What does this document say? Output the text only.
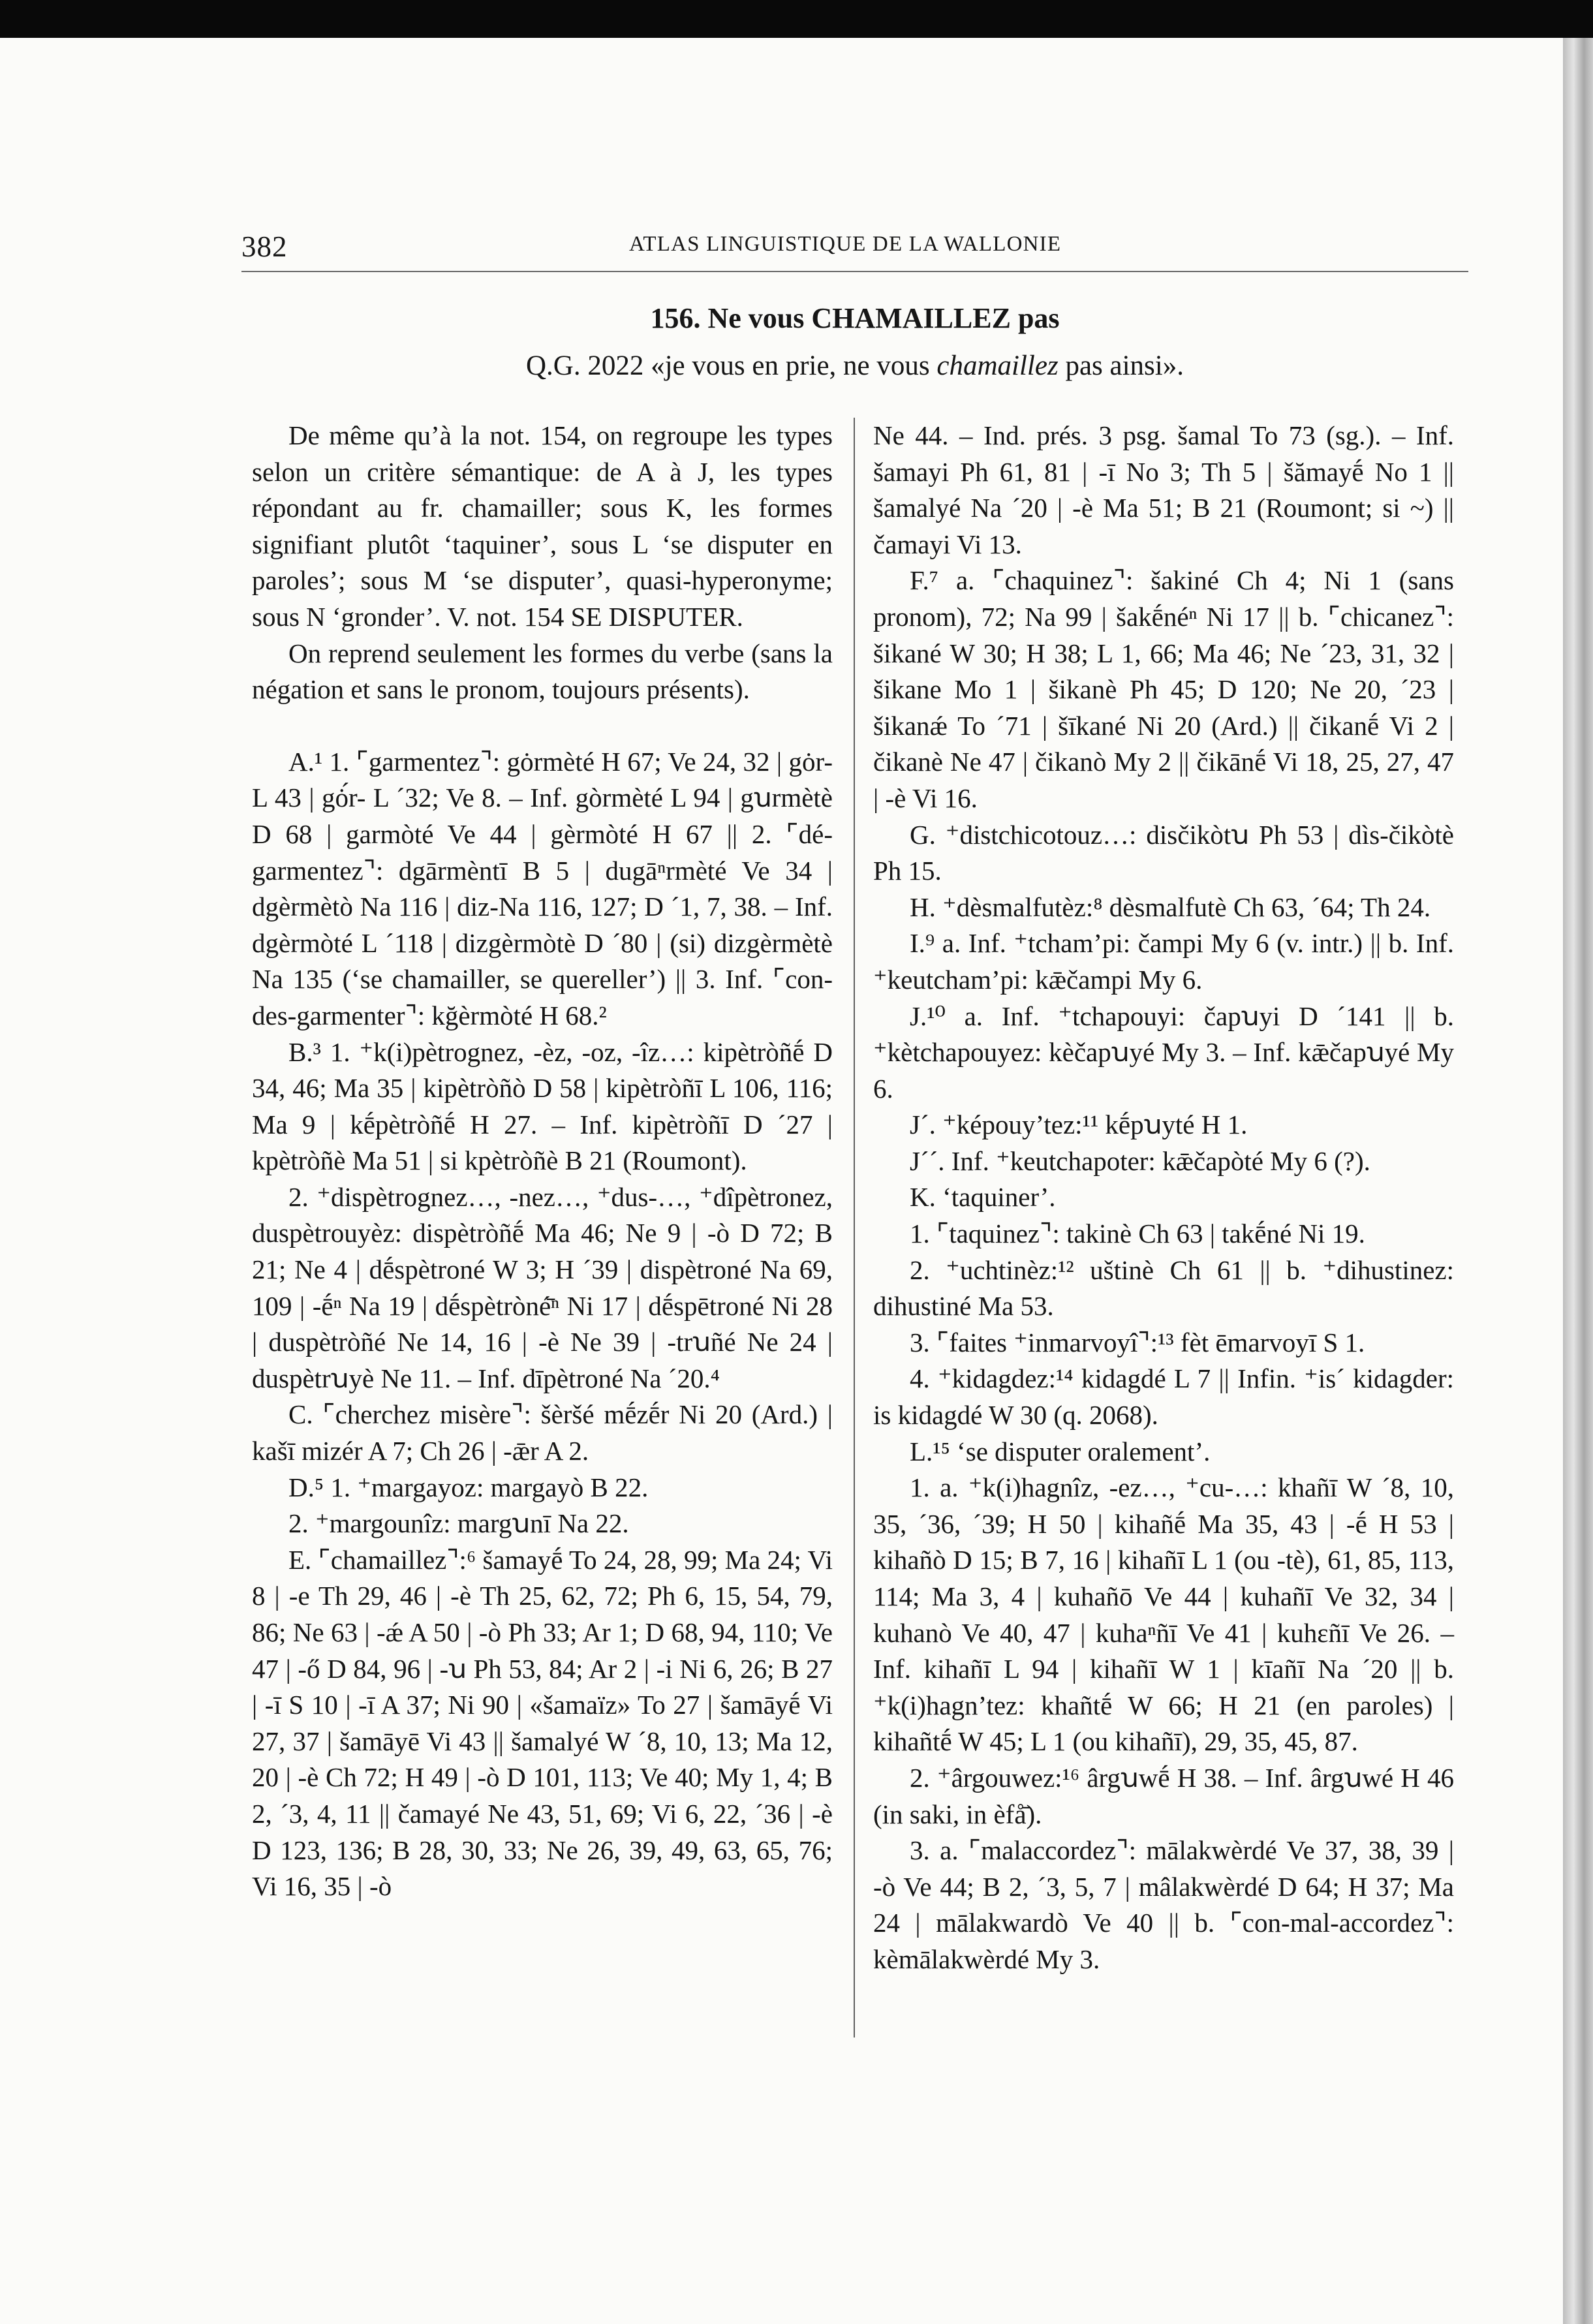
382	ATLAS LINGUISTIQUE DE LA WALLONIE
156. Ne vous CHAMAILLEZ pas
Q.G. 2022 «je vous en prie, ne vous chamaillez pas ainsi».

De même qu’à la not. 154, on regroupe les types selon un critère sémantique: de A à J, les types répondant au fr. chamailler; sous K, les formes signifiant plutôt ‘taquiner’, sous L ‘se disputer en paroles’; sous M ‘se disputer’, quasi-hyperonyme; sous N ‘gronder’. V. not. 154 SE DISPUTER.

On reprend seulement les formes du verbe (sans la négation et sans le pronom, toujours présents).

A.¹ 1. ⌜garmentez⌝: gȯrmèté H 67; Ve 24, 32 | gȯr- L 43 | gȯ́r- L ´32; Ve 8. – Inf. gòrmèté L 94 | gꭒrmètè D 68 | garmòté Ve 44 | gèrmòté H 67 || 2. ⌜dé-garmentez⌝: dgārmèntī B 5 | dugāⁿrmèté Ve 34 | dgèrmètò Na 116 | diz-Na 116, 127; D ´1, 7, 38. – Inf. dgèrmòté L ´118 | dizgèrmòtè D ´80 | (si) dizgèrmètè Na 135 (‘se chamailler, se quereller’) || 3. Inf. ⌜con-des-garmenter⌝: kğèrmòté H 68.²

B.³ 1. ⁺k(i)pètrognez, -èz, -oz, -îz…: kipètròñḗ D 34, 46; Ma 35 | kipètròñò D 58 | kipètròñī L 106, 116; Ma 9 | kḗpètròñḗ H 27. – Inf. kipètròñī D ´27 | kpètròñè Ma 51 | si kpètròñè B 21 (Roumont).

2. ⁺dispètrognez…, -nez…, ⁺dus-…, ⁺dîpètronez, duspètrouyèz: dispètròñḗ Ma 46; Ne 9 | -ò D 72; B 21; Ne 4 | dḗspètroné W 3; H ´39 | dispètroné Na 69, 109 | -ḗⁿ Na 19 | dḗspètròné̄ⁿ Ni 17 | dḗspētroné Ni 28 | duspètròñé Ne 14, 16 | -è Ne 39 | -trꭒñé Ne 24 | duspètrꭒyè Ne 11. – Inf. dīpètroné Na ´20.⁴

C. ⌜cherchez misère⌝: šèršé mḗzḗr Ni 20 (Ard.) | kašī mizér A 7; Ch 26 | -ǣr A 2.

D.⁵ 1. ⁺margayoz: margayò B 22.

2. ⁺margounîz: margꭒnī Na 22.

E. ⌜chamaillez⌝:⁶ šamayḗ To 24, 28, 99; Ma 24; Vi 8 | -e Th 29, 46 | -è Th 25, 62, 72; Ph 6, 15, 54, 79, 86; Ne 63 | -ǽ A 50 | -ò Ph 33; Ar 1; D 68, 94, 110; Ve 47 | -ő D 84, 96 | -ꭒ Ph 53, 84; Ar 2 | -i Ni 6, 26; B 27 | -ī S 10 | -ī A 37; Ni 90 | «šamaïz» To 27 | šamāyḗ Vi 27, 37 | šamāyē Vi 43 || šamalyé W ´8, 10, 13; Ma 12, 20 | -è Ch 72; H 49 | -ò D 101, 113; Ve 40; My 1, 4; B 2, ´3, 4, 11 || čamayé Ne 43, 51, 69; Vi 6, 22, ´36 | -è D 123, 136; B 28, 30, 33; Ne 26, 39, 49, 63, 65, 76; Vi 16, 35 | -ò

Ne 44. – Ind. prés. 3 psg. šamal To 73 (sg.). – Inf. šamayi Ph 61, 81 | -ī No 3; Th 5 | šămayḗ No 1 || šamalyé Na ´20 | -è Ma 51; B 21 (Roumont; si ~) || čamayi Vi 13.

F.⁷ a. ⌜chaquinez⌝: šakiné Ch 4; Ni 1 (sans pronom), 72; Na 99 | šakḗnéⁿ Ni 17 || b. ⌜chicanez⌝: šikané W 30; H 38; L 1, 66; Ma 46; Ne ´23, 31, 32 | šikane Mo 1 | šikanè Ph 45; D 120; Ne 20, ´23 | šikanǽ To ´71 | šīkané Ni 20 (Ard.) || čikanḗ Vi 2 | čikanè Ne 47 | čikanò My 2 || čikānḗ Vi 18, 25, 27, 47 | -è Vi 16.

G. ⁺distchicotouz…: disčikòtꭒ Ph 53 | dìs-čikòtè Ph 15.

H. ⁺dèsmalfutèz:⁸ dèsmalfutè Ch 63, ´64; Th 24.

I.⁹ a. Inf. ⁺tcham’pi: čampi My 6 (v. intr.) || b. Inf. ⁺keutcham’pi: kǣčampi My 6.

J.¹⁰ a. Inf. ⁺tchapouyi: čapꭒyi D ´141 || b. ⁺kètchapouyez: kèčapꭒyé My 3. – Inf. kǣčapꭒyé My 6.

J´. ⁺képouy’tez:¹¹ kḗpꭒyté H 1.

J´´. Inf. ⁺keutchapoter: kǣčapòté My 6 (?).

K. ‘taquiner’.

1. ⌜taquinez⌝: takinè Ch 63 | takḗné Ni 19.

2. ⁺uchtinèz:¹² uštinè Ch 61 || b. ⁺dihustinez: dihustiné Ma 53.

3. ⌜faites ⁺inmarvoyî⌝:¹³ fèt ēmarvoyī S 1.

4. ⁺kidagdez:¹⁴ kidagdé L 7 || Infin. ⁺is´ kidagder: is kidagdé W 30 (q. 2068).

L.¹⁵ ‘se disputer oralement’.

1. a. ⁺k(i)hagnîz, -ez…, ⁺cu-…: khañī W ´8, 10, 35, ´36, ´39; H 50 | kihañḗ Ma 35, 43 | -ḗ H 53 | kihañò D 15; B 7, 16 | kihañī L 1 (ou -tè), 61, 85, 113, 114; Ma 3, 4 | kuhañō Ve 44 | kuhañī Ve 32, 34 | kuhanò Ve 40, 47 | kuhaⁿñī Ve 41 | kuhɛñī Ve 26. – Inf. kihañī L 94 | kihañī W 1 | kīañī Na ´20 || b. ⁺k(i)hagn’tez: khañtḗ W 66; H 21 (en paroles) | kihañtḗ W 45; L 1 (ou kihañī), 29, 35, 45, 87.

2. ⁺ârgouwez:¹⁶ ârgꭒwḗ H 38. – Inf. ârgꭒwé H 46 (in saki, in èfå̄).

3. a. ⌜malaccordez⌝: mālakwèrdé Ve 37, 38, 39 | -ò Ve 44; B 2, ´3, 5, 7 | mâlakwèrdé D 64; H 37; Ma 24 | mālakwardò Ve 40 || b. ⌜con-mal-accordez⌝: kèmālakwèrdé My 3.
